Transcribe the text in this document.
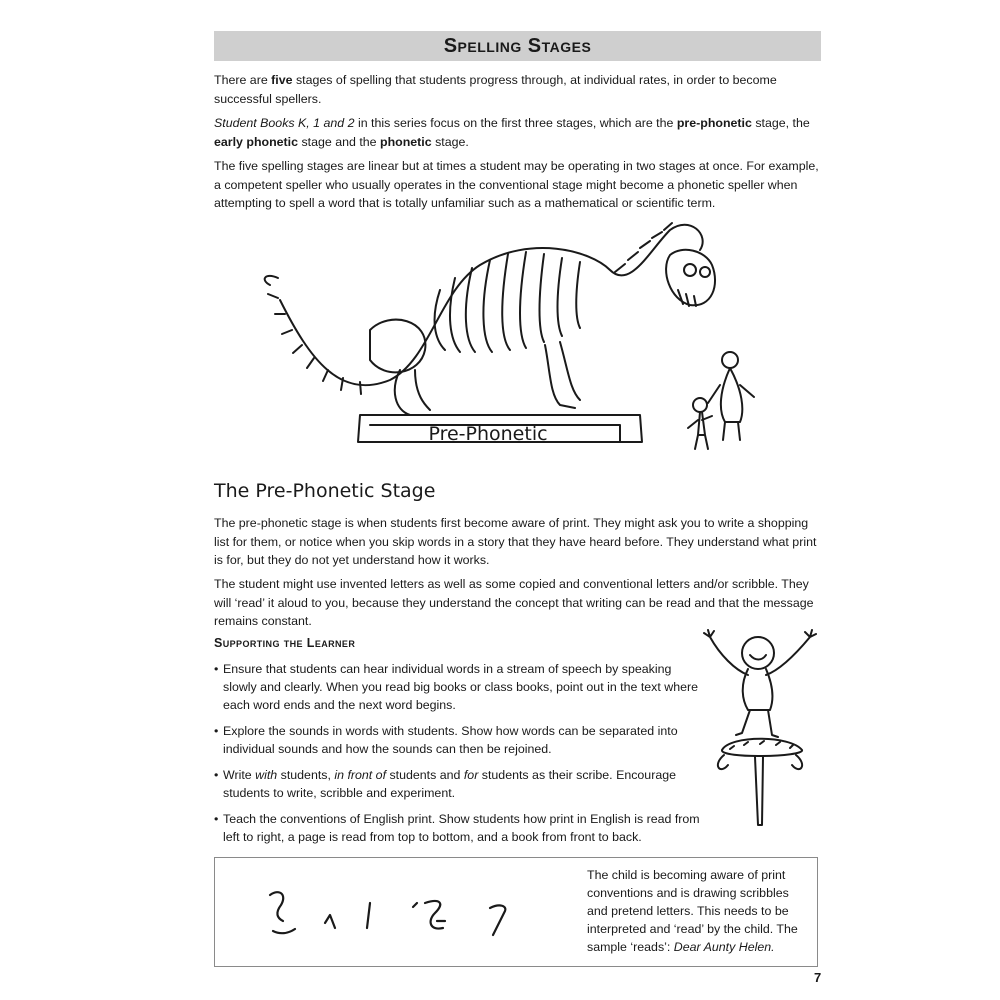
Spelling Stages

There are five stages of spelling that students progress through, at individual rates, in order to become successful spellers.

Student Books K, 1 and 2 in this series focus on the first three stages, which are the pre-phonetic stage, the early phonetic stage and the phonetic stage.

The five spelling stages are linear but at times a student may be operating in two stages at once. For example, a competent speller who usually operates in the conventional stage might become a phonetic speller when attempting to spell a word that is totally unfamiliar such as a mathematical or scientific term.

Pre-Phonetic
The Pre-Phonetic Stage

The pre-phonetic stage is when students first become aware of print. They might ask you to write a shopping list for them, or notice when you skip words in a story that they have heard before. They understand what print is for, but they do not yet understand how it works.

The student might use invented letters as well as some copied and conventional letters and/or scribble. They will ‘read’ it aloud to you, because they understand the concept that writing can be read and that the message remains constant.

Supporting the Learner
• Ensure that students can hear individual words in a stream of speech by speaking slowly and clearly. When you read big books or class books, point out in the text where each word ends and the next word begins.
• Explore the sounds in words with students. Show how words can be separated into individual sounds and how the sounds can then be rejoined.
• Write with students, in front of students and for students as their scribe. Encourage students to write, scribble and experiment.
• Teach the conventions of English print. Show students how print in English is read from left to right, a page is read from top to bottom, and a book from front to back.

The child is becoming aware of print conventions and is drawing scribbles and pretend letters. This needs to be interpreted and ‘read’ by the child. The sample ‘reads’: Dear Aunty Helen.

7
